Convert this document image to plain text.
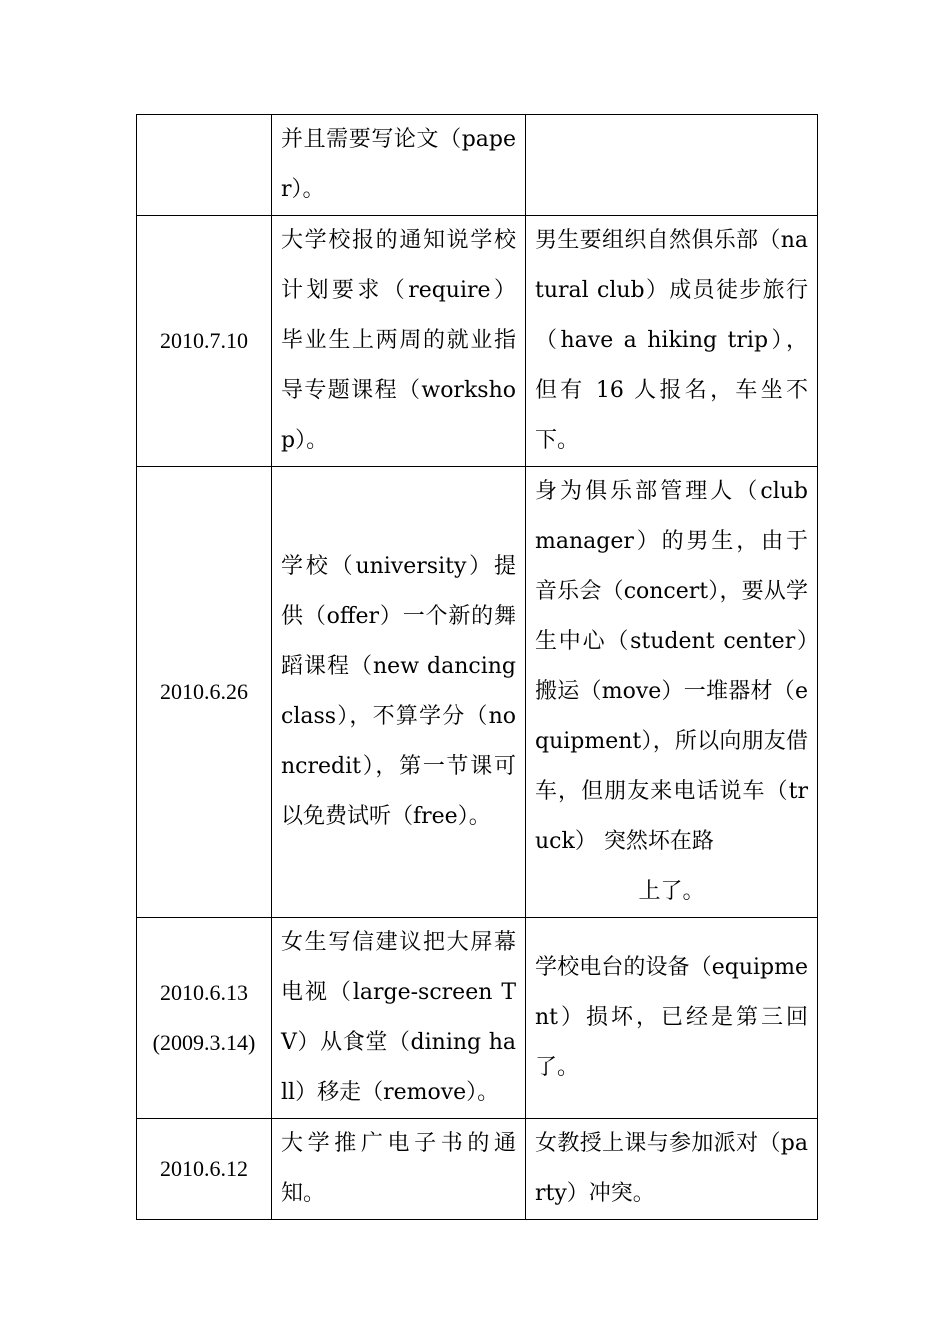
	并且需要写论文（paper）。	

2010.7.10	大学校报的通知说学校计划要求（require）毕业生上两周的就业指导专题课程（workshop）。	男生要组织自然俱乐部（natural club）成员徒步旅行（have a hiking trip），但有 16 人报名，车坐不下。

2010.6.26	学校（university）提供（offer）一个新的舞蹈课程（new dancing class），不算学分（noncredit），第一节课可以免费试听（free）。	身为俱乐部管理人（club manager）的男生，由于音乐会（concert），要从学生中心（student center）搬运（move）一堆器材（equipment），所以向朋友借车，但朋友来电话说车（truck） 突然坏在路
上了。

2010.6.13
(2009.3.14)	女生写信建议把大屏幕电视（large-screen TV）从食堂（dining hall）移走（remove）。	学校电台的设备（equipment）损坏，已经是第三回了。

2010.6.12	大学推广电子书的通知。	女教授上课与参加派对（party）冲突。
